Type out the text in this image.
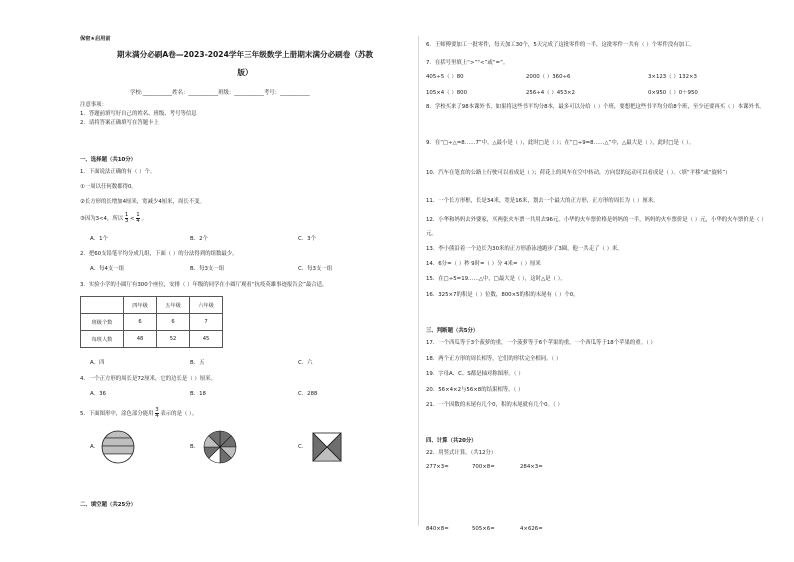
保密★启用前
期末满分必刷A卷—2023-2024学年三年级数学上册期末满分必刷卷（苏教
版）
学校:___________姓名：___________班级：___________考号：___________
注意事项：
1．答题前填写好自己的姓名、班级、考号等信息
2．请将答案正确填写在答题卡上
一、选择题（共10分）
1．下面说法正确的有（ ）个。
①一周以任何数都得0。
②长方形的长增加4厘米，宽减少4厘米，周长不变。
③因为3<4，所以 $\frac{1}{3} < \frac{1}{4}$ 。
A．1个	B．2个	C．3个
2．把60支铅笔平均分成几组，下面（ ）的分法得到的组数最少。
A．每4支一组	B．每3支一组	C．每3支一组
3．实验小学的小圆厅有300个座位，安排（ ）年级的同学在小圆厅观看“抗疫英雄事迹报告会”最合适。
	四年级	五年级	六年级
班级个数	6	6	7
每班人数	48	52	45
A．四	B．五	C．六
4．一个正方形的周长是72厘米，它的边长是（ ）厘米。
A．36	B．18	C．288
5．下面图形中，涂色部分能用 $\frac{3}{4}$ 表示的是（ ）。
A．	B．	C．
二、填空题（共25分）
6．王师傅要加工一批零件，每天加工30个，5天完成了这批零件的一半，这批零件一共有（ ）个零件没有加工。
7．在括号里填上“>”“<”或“=”。
405÷5（ ）80	2000（ ）360÷6	3×123（ ）132×3
105×4（ ）800	256÷4（ ）453×2	0×950（ ）0＋950
8．学校买来了98本课外书，如果将这些书平均分8本，最多可以分给（ ）个班，要想把这些书平均分给8个班，至少还要再买（ ）本课外书。
9．在“□÷△=8……7”中，△最小是（ ），此时□是（ ）；在“□÷9=8……△”中，△最大是（ ），此时□是（ ）。
10．汽车在笔直的公路上行驶可以看成是（ ）；荷花上的风车在空中转动，方向盘的运动可以看成是（ ）。（填“平移”或“旋转”）
11．一个长方形框，长是34米，宽是16米，划去一个最大的正方形，正方形的周长为（ ）厘米。
12．小华和妈妈去外婆家，买两张火车票一共用去96元。小华的火车票价格是妈妈的一半，妈妈的火车票价是（ ）元，小华的火车票价是（ ）元。
13．李小熊沿着一个边长为30米的正方形游泳池跑步了3圈，他一共走了（ ）米。
14．6分=（ ）秒 9时=（ ）分 4米=（ ）厘米
15．在□÷5=19……△中，□最大是（ ），这时△是（ ）。
16．325×7的积是（ ）位数，800×5的积的末尾有（ ）个0。
三、判断题（共5分）
17．一个西瓜等于3个菠萝的重，一个菠萝等于6个苹果的重，一个西瓜等于18个苹果的重。（ ）
18．两个正方形的周长相等，它们的形状完全相同。（ ）
19．字母A、C、S都是轴对称图形。（ ）
20．56×4×2与56×8的结果相等。（ ）
21．一个因数的末尾有几个0，积的末尾就有几个0。（ ）
四、计算（共20分）
22．用竖式计算。（共12分）
277×3=	700×8=	284×3=
840×8=	505×6=	4×626=
